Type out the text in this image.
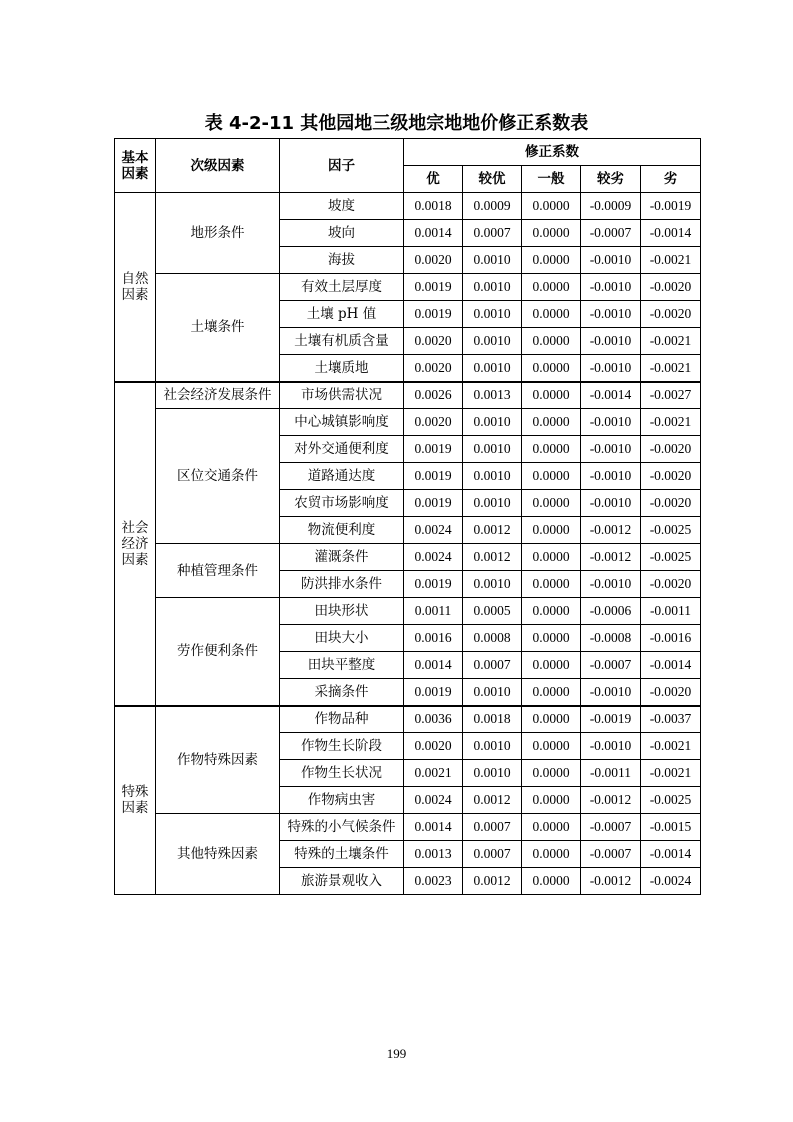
表 4-2-11 其他园地三级地宗地地价修正系数表
基本
因素	次级因素	因子	修正系数				
			优	较优	一般	较劣	劣
自然
因素	地形条件	坡度	0.0018	0.0009	0.0000	-0.0009	-0.0019
		坡向	0.0014	0.0007	0.0000	-0.0007	-0.0014
		海拔	0.0020	0.0010	0.0000	-0.0010	-0.0021
	土壤条件	有效土层厚度	0.0019	0.0010	0.0000	-0.0010	-0.0020
		土壤 pH 值	0.0019	0.0010	0.0000	-0.0010	-0.0020
		土壤有机质含量	0.0020	0.0010	0.0000	-0.0010	-0.0021
		土壤质地	0.0020	0.0010	0.0000	-0.0010	-0.0021
社会
经济
因素	社会经济发展条件	市场供需状况	0.0026	0.0013	0.0000	-0.0014	-0.0027
	区位交通条件	中心城镇影响度	0.0020	0.0010	0.0000	-0.0010	-0.0021
		对外交通便利度	0.0019	0.0010	0.0000	-0.0010	-0.0020
		道路通达度	0.0019	0.0010	0.0000	-0.0010	-0.0020
		农贸市场影响度	0.0019	0.0010	0.0000	-0.0010	-0.0020
		物流便利度	0.0024	0.0012	0.0000	-0.0012	-0.0025
	种植管理条件	灌溉条件	0.0024	0.0012	0.0000	-0.0012	-0.0025
		防洪排水条件	0.0019	0.0010	0.0000	-0.0010	-0.0020
	劳作便利条件	田块形状	0.0011	0.0005	0.0000	-0.0006	-0.0011
		田块大小	0.0016	0.0008	0.0000	-0.0008	-0.0016
		田块平整度	0.0014	0.0007	0.0000	-0.0007	-0.0014
		采摘条件	0.0019	0.0010	0.0000	-0.0010	-0.0020
特殊
因素	作物特殊因素	作物品种	0.0036	0.0018	0.0000	-0.0019	-0.0037
		作物生长阶段	0.0020	0.0010	0.0000	-0.0010	-0.0021
		作物生长状况	0.0021	0.0010	0.0000	-0.0011	-0.0021
		作物病虫害	0.0024	0.0012	0.0000	-0.0012	-0.0025
	其他特殊因素	特殊的小气候条件	0.0014	0.0007	0.0000	-0.0007	-0.0015
		特殊的土壤条件	0.0013	0.0007	0.0000	-0.0007	-0.0014
		旅游景观收入	0.0023	0.0012	0.0000	-0.0012	-0.0024
199
